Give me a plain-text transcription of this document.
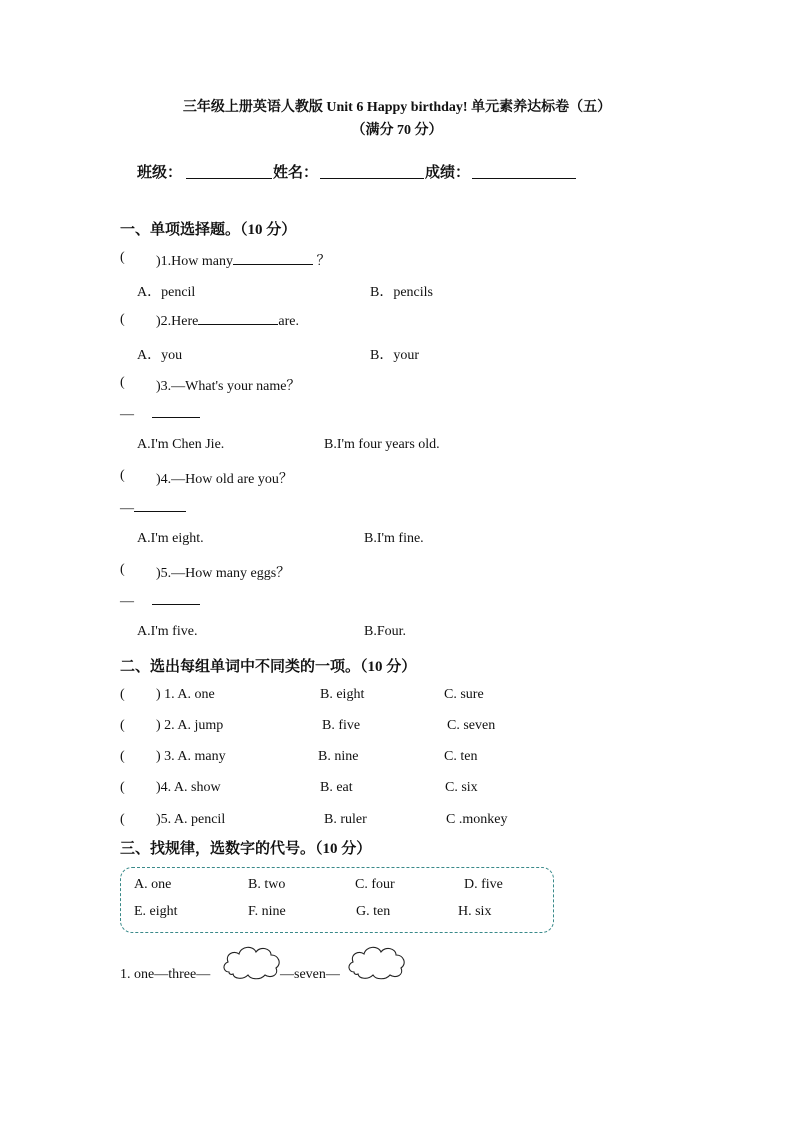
三年级上册英语人教版 Unit 6 Happy birthday! 单元素养达标卷（五）
（满分 70 分）
班级：	姓名：	成绩：
一、单项选择题。（10 分）
( )1.How many	？
A．pencil	B．pencils
( )2.Here	are.
A．you	B．your
( )3.—What's your name？
—
A.I'm Chen Jie.	B.I'm four years old.
( )4.—How old are you？
—
A.I'm eight.	B.I'm fine.
( )5.—How many eggs？
—
A.I'm five.	B.Four.
二、选出每组单词中不同类的一项。（10 分）
( ) 1. A. one	B. eight	C. sure
( ) 2. A. jump	B. five	C. seven
( ) 3. A. many	B. nine	C. ten
( )4. A. show	B. eat	C. six
( )5. A. pencil	B. ruler	C .monkey
三、找规律，选数字的代号。（10 分）
A. one	B. two	C. four	D. five
E. eight	F. nine	G. ten	H. six
1. one—three—	—seven—
